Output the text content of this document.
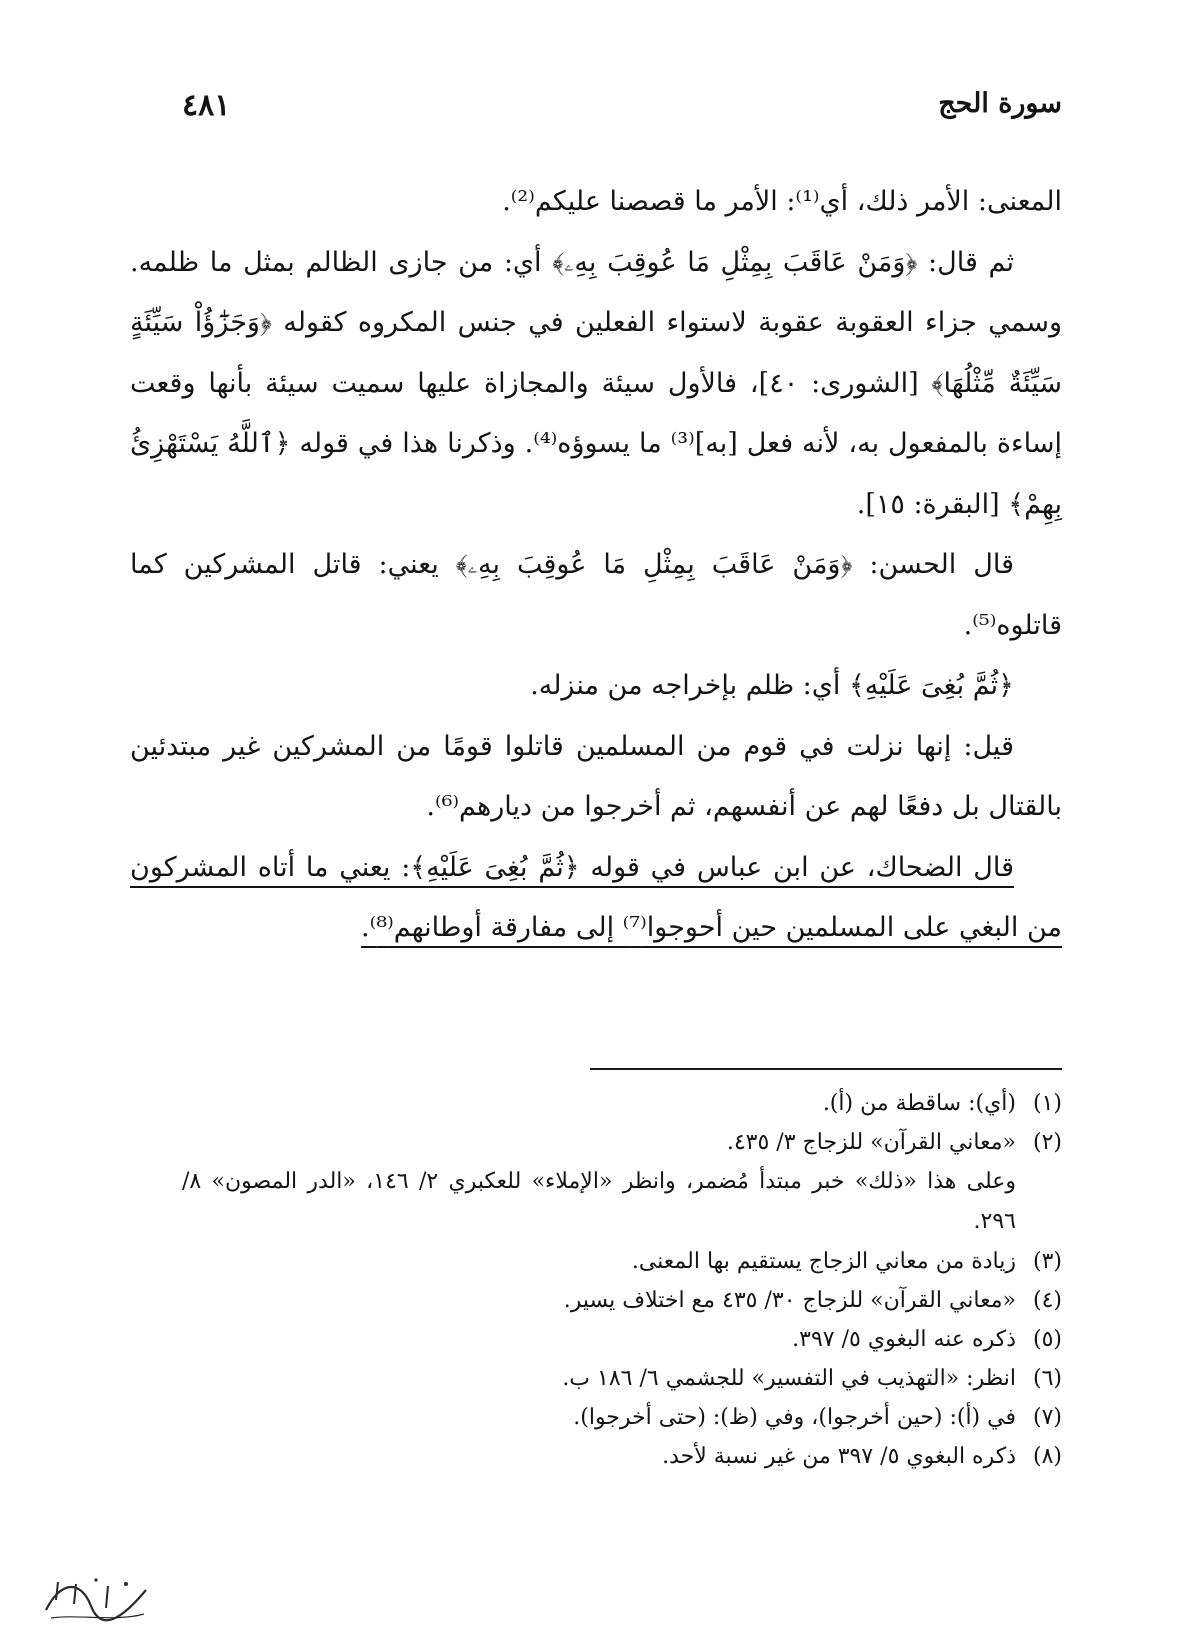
سورة الحج
٤٨١

المعنى: الأمر ذلك، أي⁽¹⁾: الأمر ما قصصنا عليكم⁽²⁾.

ثم قال: ﴿وَمَنْ عَاقَبَ بِمِثْلِ مَا عُوقِبَ بِهِۦ﴾ أي: من جازى الظالم بمثل ما ظلمه. وسمي جزاء العقوبة عقوبة لاستواء الفعلين في جنس المكروه كقوله ﴿وَجَزَٰٓؤُاْ سَيِّئَةٍ سَيِّئَةٌ مِّثْلُهَا﴾ [الشورى: ٤٠]، فالأول سيئة والمجازاة عليها سميت سيئة بأنها وقعت إساءة بالمفعول به، لأنه فعل [به]⁽³⁾ ما يسوؤه⁽⁴⁾. وذكرنا هذا في قوله ﴿ٱللَّهُ يَسْتَهْزِئُ بِهِمْ﴾ [البقرة: ١٥].

قال الحسن: ﴿وَمَنْ عَاقَبَ بِمِثْلِ مَا عُوقِبَ بِهِۦ﴾ يعني: قاتل المشركين كما قاتلوه⁽⁵⁾.

﴿ثُمَّ بُغِىَ عَلَيْهِ﴾ أي: ظلم بإخراجه من منزله.

قيل: إنها نزلت في قوم من المسلمين قاتلوا قومًا من المشركين غير مبتدئين بالقتال بل دفعًا لهم عن أنفسهم، ثم أخرجوا من ديارهم⁽⁶⁾.

قال الضحاك، عن ابن عباس في قوله ﴿ثُمَّ بُغِىَ عَلَيْهِ﴾: يعني ما أتاه المشركون من البغي على المسلمين حين أحوجوا⁽⁷⁾ إلى مفارقة أوطانهم⁽⁸⁾.

(١)
(أي): ساقطة من (أ).
(٢)
«معاني القرآن» للزجاج ٣/ ٤٣٥.
وعلى هذا «ذلك» خبر مبتدأ مُضمر، وانظر «الإملاء» للعكبري ٢/ ١٤٦، «الدر المصون» ٨/ ٢٩٦.
(٣)
زيادة من معاني الزجاج يستقيم بها المعنى.
(٤)
«معاني القرآن» للزجاج ٣٠/ ٤٣٥ مع اختلاف يسير.
(٥)
ذكره عنه البغوي ٥/ ٣٩٧.
(٦)
انظر: «التهذيب في التفسير» للجشمي ٦/ ١٨٦ ب.
(٧)
في (أ): (حين أخرجوا)، وفي (ظ): (حتى أخرجوا).
(٨)
ذكره البغوي ٥/ ٣٩٧ من غير نسبة لأحد.
